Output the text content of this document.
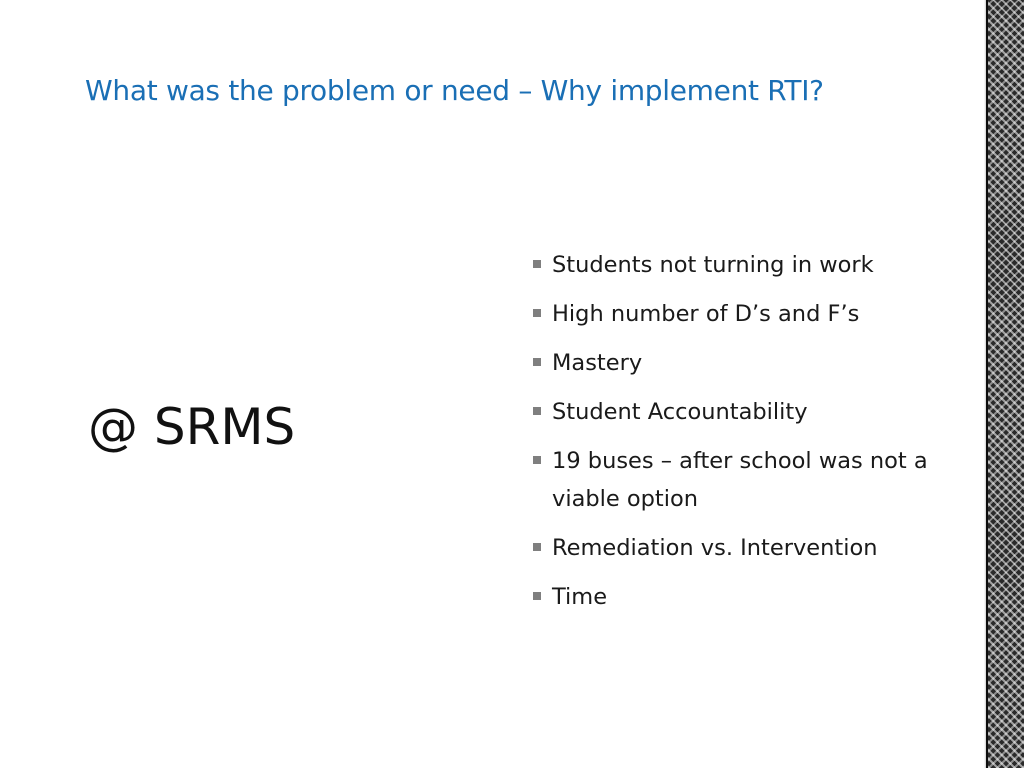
What was the problem or need – Why implement RTI?
@ SRMS
Students not turning in work
High number of D’s and F’s
Mastery
Student Accountability
19 buses – after school was not a viable option
Remediation vs. Intervention
Time
